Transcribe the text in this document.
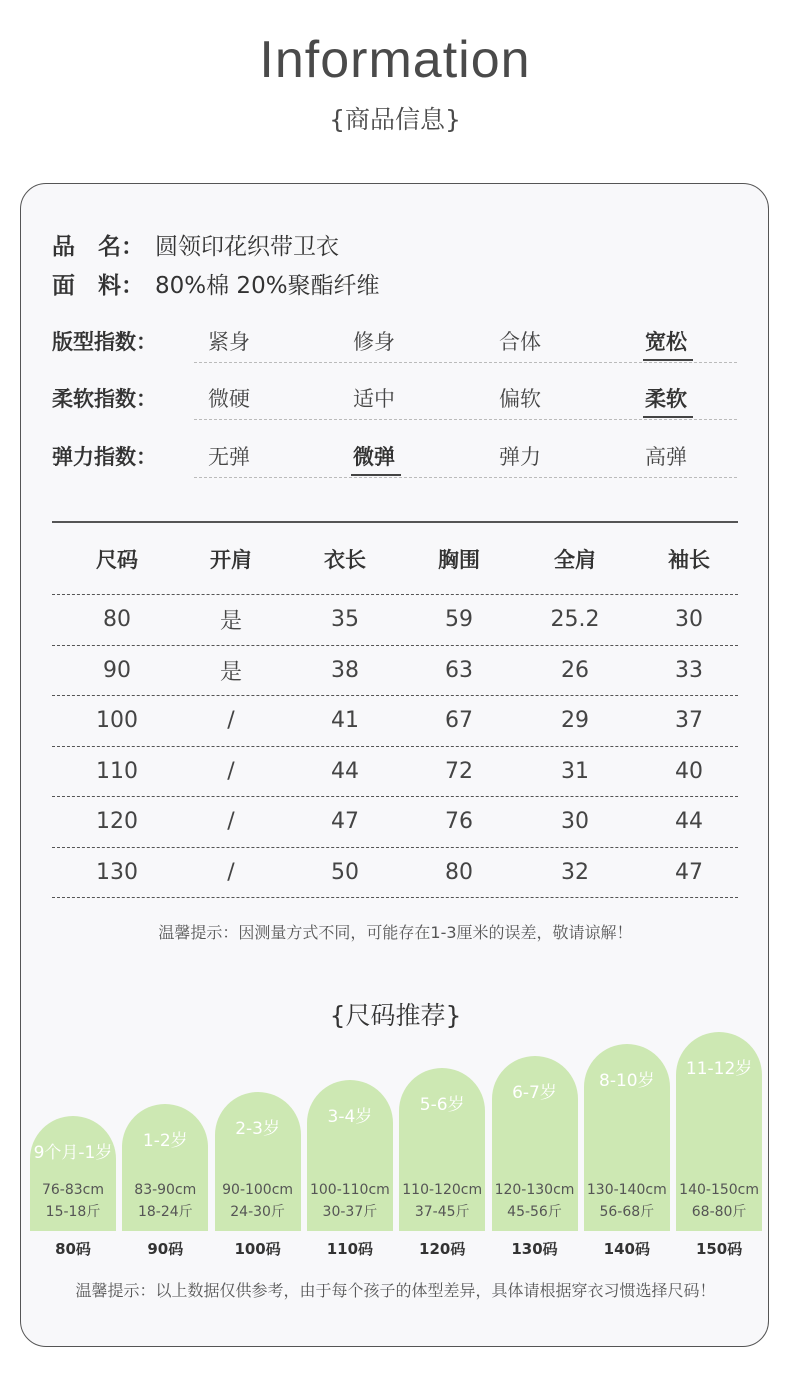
Information
{商品信息}
品　名： 圆领印花织带卫衣
面　料： 80%棉 20%聚酯纤维
版型指数： 紧身	修身	合体	宽松
柔软指数： 微硬	适中	偏软	柔软
弹力指数： 无弹	微弹	弹力	高弹
尺码	开肩	衣长	胸围	全肩	袖长
80	是	35	59	25.2	30
90	是	38	63	26	33
100	/	41	67	29	37
110	/	44	72	31	40
120	/	47	76	30	44
130	/	50	80	32	47
温馨提示：因测量方式不同，可能存在1-3厘米的误差，敬请谅解！
{尺码推荐}
9个月-1岁
76-83cm
15-18斤
80码
1-2岁
83-90cm
18-24斤
90码
2-3岁
90-100cm
24-30斤
100码
3-4岁
100-110cm
30-37斤
110码
5-6岁
110-120cm
37-45斤
120码
6-7岁
120-130cm
45-56斤
130码
8-10岁
130-140cm
56-68斤
140码
11-12岁
140-150cm
68-80斤
150码
温馨提示：以上数据仅供参考，由于每个孩子的体型差异，具体请根据穿衣习惯选择尺码！
